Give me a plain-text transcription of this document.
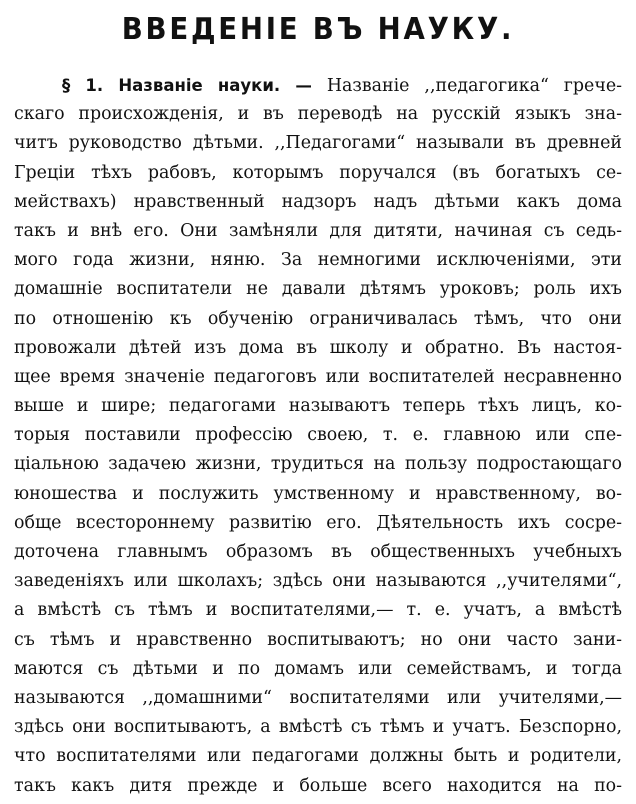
ВВЕДЕНІЕ ВЪ НАУКУ.
§ 1. Названіе науки. — Названіе ,,педагогика“ грече-
скаго происхожденія, и въ переводѣ на русскій языкъ зна-
читъ руководство дѣтьми. ,,Педагогами“ называли въ древней
Греціи тѣхъ рабовъ, которымъ поручался (въ богатыхъ се-
мействахъ) нравственный надзоръ надъ дѣтьми какъ дома
такъ и внѣ его. Они замѣняли для дитяти, начиная съ седь-
мого года жизни, няню. За немногими исключеніями, эти
домашніе воспитатели не давали дѣтямъ уроковъ; роль ихъ
по отношенію къ обученію ограничивалась тѣмъ, что они
провожали дѣтей изъ дома въ школу и обратно. Въ настоя-
щее время значеніе педагоговъ или воспитателей несравненно
выше и шире; педагогами называютъ теперь тѣхъ лицъ, ко-
торыя поставили профессію своею, т. е. главною или спе-
ціальною задачею жизни, трудиться на пользу подростающаго
юношества и послужить умственному и нравственному, во-
обще всестороннему развитію его. Дѣятельность ихъ сосре-
доточена главнымъ образомъ въ общественныхъ учебныхъ
заведеніяхъ или школахъ; здѣсь они называются ,,учителями“,
а вмѣстѣ съ тѣмъ и воспитателями,— т. е. учатъ, а вмѣстѣ
съ тѣмъ и нравственно воспитываютъ; но они часто зани-
маются съ дѣтьми и по домамъ или семействамъ, и тогда
называются ,,домашними“ воспитателями или учителями,—
здѣсь они воспитываютъ, а вмѣстѣ съ тѣмъ и учатъ. Безспорно,
что воспитателями или педагогами должны быть и родители,
такъ какъ дитя прежде и больше всего находится на по-
